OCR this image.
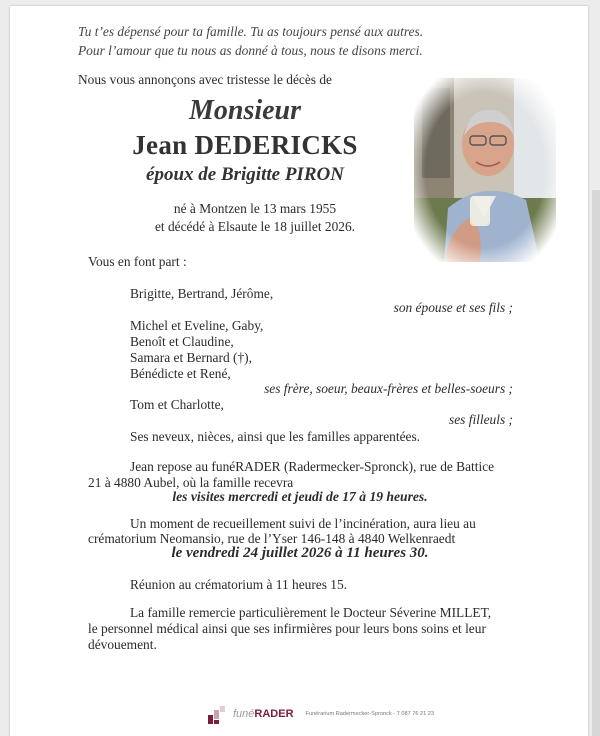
Tu t’es dépensé pour ta famille. Tu as toujours pensé aux autres.
Pour l’amour que tu nous as donné à tous, nous te disons merci.
Nous vous annonçons avec tristesse le décès de
Monsieur
Jean DEDERICKS
époux de Brigitte PIRON
né à Montzen le 13 mars 1955
et décédé à Elsaute le 18 juillet 2026.
Vous en font part :
Brigitte, Bertrand, Jérôme,
son épouse et ses fils ;
Michel et Eveline, Gaby,
Benoît et Claudine,
Samara et Bernard (†),
Bénédicte et René,
ses frère, soeur, beaux-frères et belles-soeurs ;
Tom et Charlotte,
ses filleuls ;
Ses neveux, nièces, ainsi que les familles apparentées.
Jean repose au funéRADER (Radermecker-Spronck), rue de Battice
21 à 4880 Aubel, où la famille recevra
les visites mercredi et jeudi de 17 à 19 heures.
Un moment de recueillement suivi de l’incinération, aura lieu au
crématorium Neomansio, rue de l’Yser 146-148 à 4840 Welkenraedt
le vendredi 24 juillet 2026 à 11 heures 30.
Réunion au crématorium à 11 heures 15.
La famille remercie particulièrement le Docteur Séverine MILLET,
le personnel médical ainsi que ses infirmières pour leurs bons soins et leur
dévouement.
funéRADER Funérarium Radermecker-Spronck - T 087 76 21 23
